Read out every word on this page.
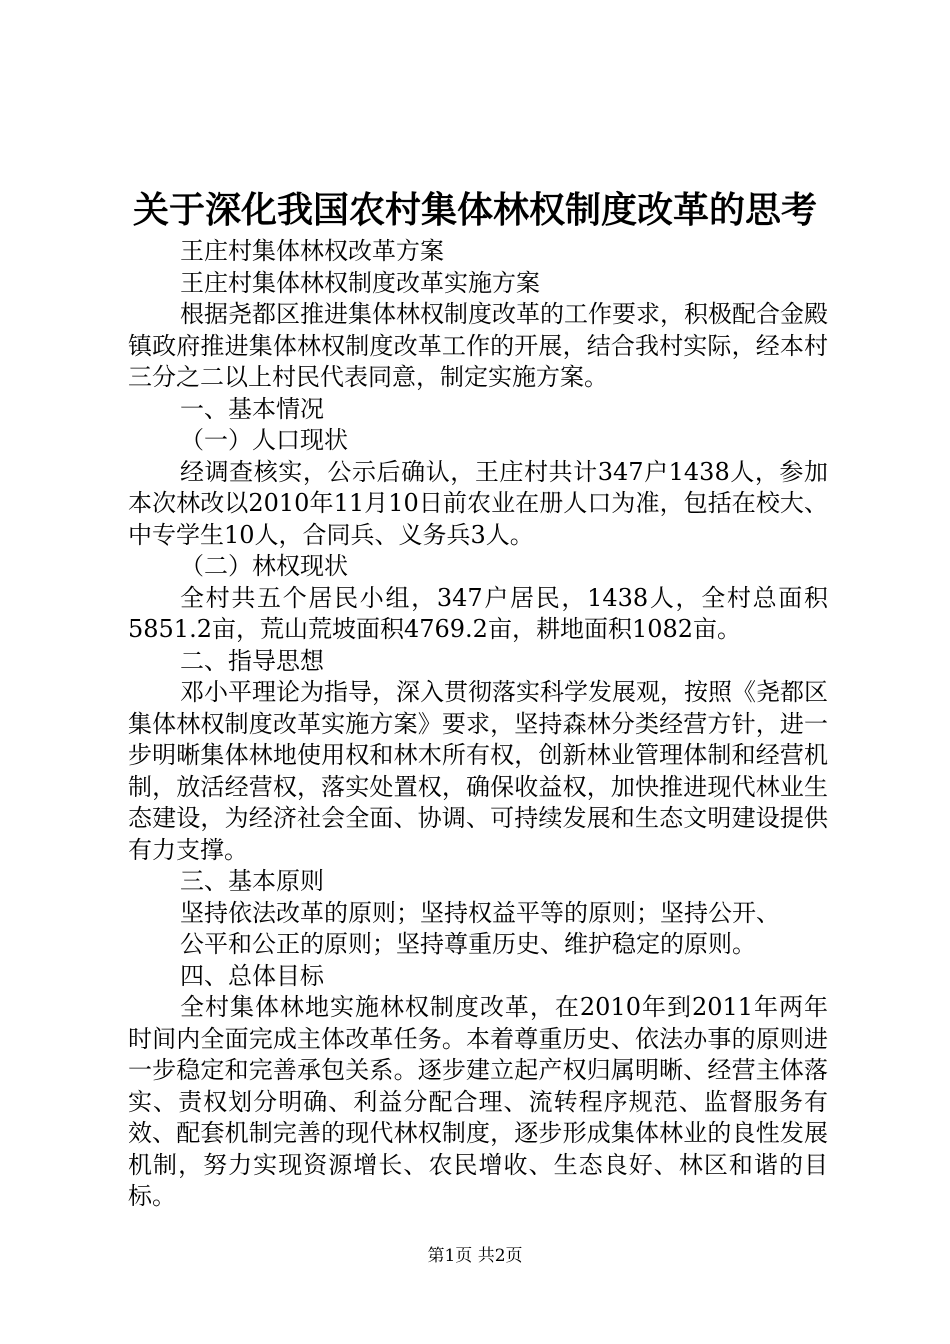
关于深化我国农村集体林权制度改革的思考

王庄村集体林权改革方案

王庄村集体林权制度改革实施方案

根据尧都区推进集体林权制度改革的工作要求，积极配合金殿镇政府推进集体林权制度改革工作的开展，结合我村实际，经本村三分之二以上村民代表同意，制定实施方案。

一、基本情况

（一）人口现状

经调查核实，公示后确认，王庄村共计347户1438人，参加本次林改以2010年11月10日前农业在册人口为准，包括在校大、中专学生10人，合同兵、义务兵3人。

（二）林权现状

全村共五个居民小组，347户居民，1438人，全村总面积5851.2亩，荒山荒坡面积4769.2亩，耕地面积1082亩。

二、指导思想

邓小平理论为指导，深入贯彻落实科学发展观，按照《尧都区集体林权制度改革实施方案》要求，坚持森林分类经营方针，进一步明晰集体林地使用权和林木所有权，创新林业管理体制和经营机制，放活经营权，落实处置权，确保收益权，加快推进现代林业生态建设，为经济社会全面、协调、可持续发展和生态文明建设提供有力支撑。

三、基本原则

坚持依法改革的原则；坚持权益平等的原则；坚持公开、

公平和公正的原则；坚持尊重历史、维护稳定的原则。

四、总体目标

全村集体林地实施林权制度改革，在2010年到2011年两年时间内全面完成主体改革任务。本着尊重历史、依法办事的原则进一步稳定和完善承包关系。逐步建立起产权归属明晰、经营主体落实、责权划分明确、利益分配合理、流转程序规范、监督服务有效、配套机制完善的现代林权制度，逐步形成集体林业的良性发展机制，努力实现资源增长、农民增收、生态良好、林区和谐的目标。

第1页 共2页
